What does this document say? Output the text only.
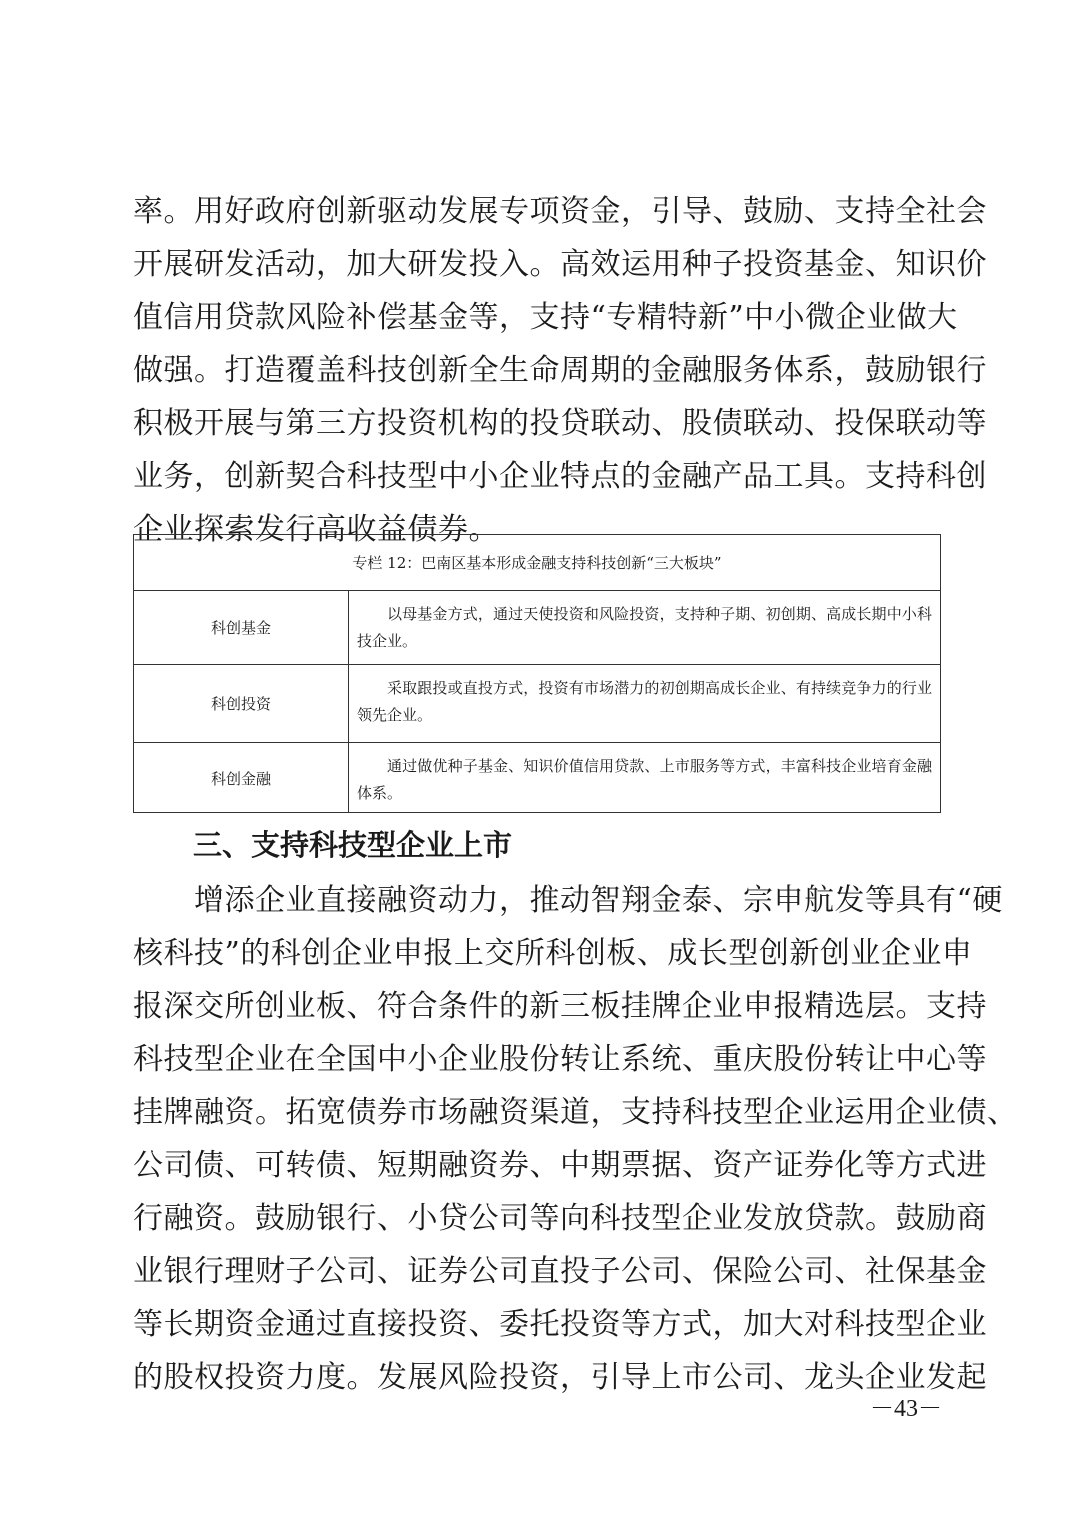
率。用好政府创新驱动发展专项资金，引导、鼓励、支持全社会
开展研发活动，加大研发投入。高效运用种子投资基金、知识价
值信用贷款风险补偿基金等，支持“专精特新”中小微企业做大
做强。打造覆盖科技创新全生命周期的金融服务体系，鼓励银行
积极开展与第三方投资机构的投贷联动、股债联动、投保联动等
业务，创新契合科技型中小企业特点的金融产品工具。支持科创
企业探索发行高收益债券。
专栏 12：巴南区基本形成金融支持科技创新“三大板块”
科创基金
以母基金方式，通过天使投资和风险投资，支持种子期、初创期、高成长期中小科技企业。
科创投资
采取跟投或直投方式，投资有市场潜力的初创期高成长企业、有持续竞争力的行业领先企业。
科创金融
通过做优种子基金、知识价值信用贷款、上市服务等方式，丰富科技企业培育金融体系。
三、支持科技型企业上市
　　增添企业直接融资动力，推动智翔金泰、宗申航发等具有“硬
核科技”的科创企业申报上交所科创板、成长型创新创业企业申
报深交所创业板、符合条件的新三板挂牌企业申报精选层。支持
科技型企业在全国中小企业股份转让系统、重庆股份转让中心等
挂牌融资。拓宽债券市场融资渠道，支持科技型企业运用企业债、
公司债、可转债、短期融资券、中期票据、资产证券化等方式进
行融资。鼓励银行、小贷公司等向科技型企业发放贷款。鼓励商
业银行理财子公司、证券公司直投子公司、保险公司、社保基金
等长期资金通过直接投资、委托投资等方式，加大对科技型企业
的股权投资力度。发展风险投资，引导上市公司、龙头企业发起
－43－
